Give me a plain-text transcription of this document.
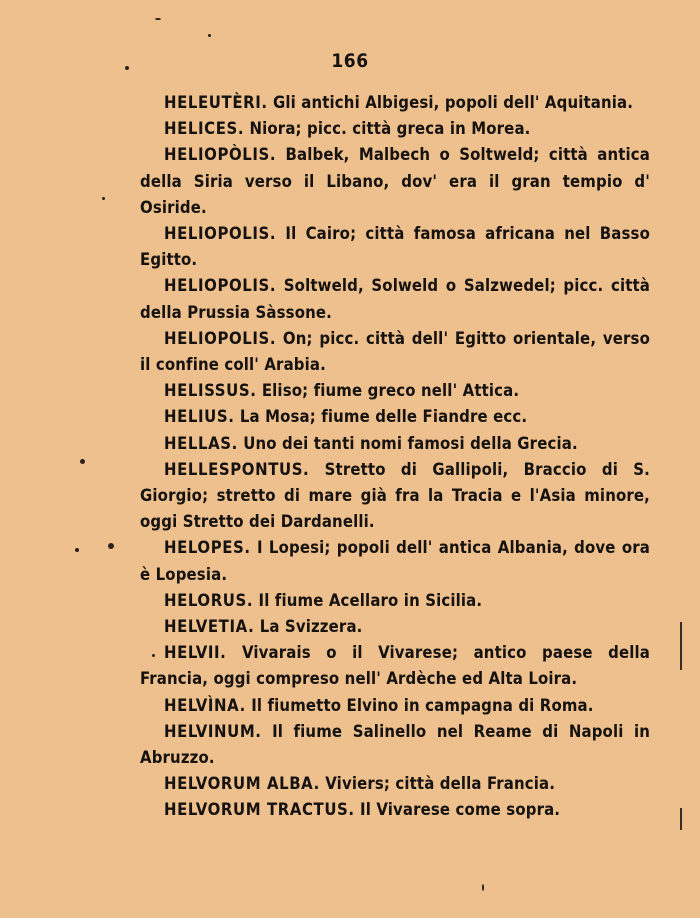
166
HELEUTÈRI. Gli antichi Albigesi, popoli dell' Aquitania.
HELICES. Niora; picc. città greca in Morea.
HELIOPÒLIS. Balbek, Malbech o Soltweld; città antica della Siria verso il Libano, dov' era il gran tempio d' Osiride.
HELIOPOLIS. Il Cairo; città famosa africana nel Basso Egitto.
HELIOPOLIS. Soltweld, Solweld o Salzwedel; picc. città della Prussia Sàssone.
HELIOPOLIS. On; picc. città dell' Egitto orientale, verso il confine coll' Arabia.
HELISSUS. Eliso; fiume greco nell' Attica.
HELIUS. La Mosa; fiume delle Fiandre ecc.
HELLAS. Uno dei tanti nomi famosi della Grecia.
HELLESPONTUS. Stretto di Gallipoli, Braccio di S. Giorgio; stretto di mare già fra la Tracia e l'Asia minore, oggi Stretto dei Dardanelli.
HELOPES. I Lopesi; popoli dell' antica Albania, dove ora è Lopesia.
HELORUS. Il fiume Acellaro in Sicilia.
HELVETIA. La Svizzera.
HELVII. Vivarais o il Vivarese; antico paese della Francia, oggi compreso nell' Ardèche ed Alta Loira.
HELVÌNA. Il fiumetto Elvino in campagna di Roma.
HELVINUM. Il fiume Salinello nel Reame di Napoli in Abruzzo.
HELVORUM ALBA. Viviers; città della Francia.
HELVORUM TRACTUS. Il Vivarese come sopra.
